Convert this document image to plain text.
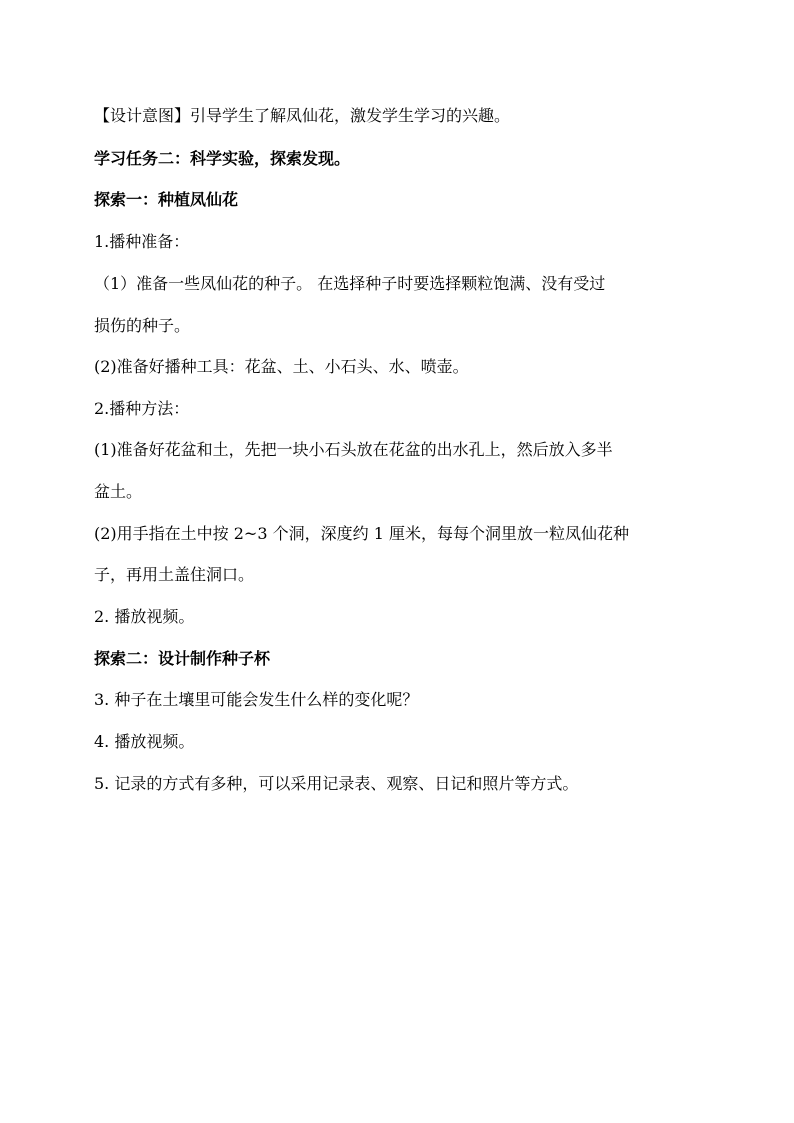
【设计意图】引导学生了解凤仙花，激发学生学习的兴趣。
学习任务二：科学实验，探索发现。
探索一：种植凤仙花
1.播种准备：
（1）准备一些凤仙花的种子。 在选择种子时要选择颗粒饱满、没有受过
损伤的种子。
(2)准备好播种工具：花盆、土、小石头、水、喷壶。
2.播种方法：
(1)准备好花盆和土，先把一块小石头放在花盆的出水孔上，然后放入多半
盆土。
(2)用手指在土中按 2~3 个洞，深度约 1 厘米，每每个洞里放一粒凤仙花种
子，再用土盖住洞口。
2. 播放视频。
探索二：设计制作种子杯
3. 种子在土壤里可能会发生什么样的变化呢？
4. 播放视频。
5. 记录的方式有多种，可以采用记录表、观察、日记和照片等方式。
